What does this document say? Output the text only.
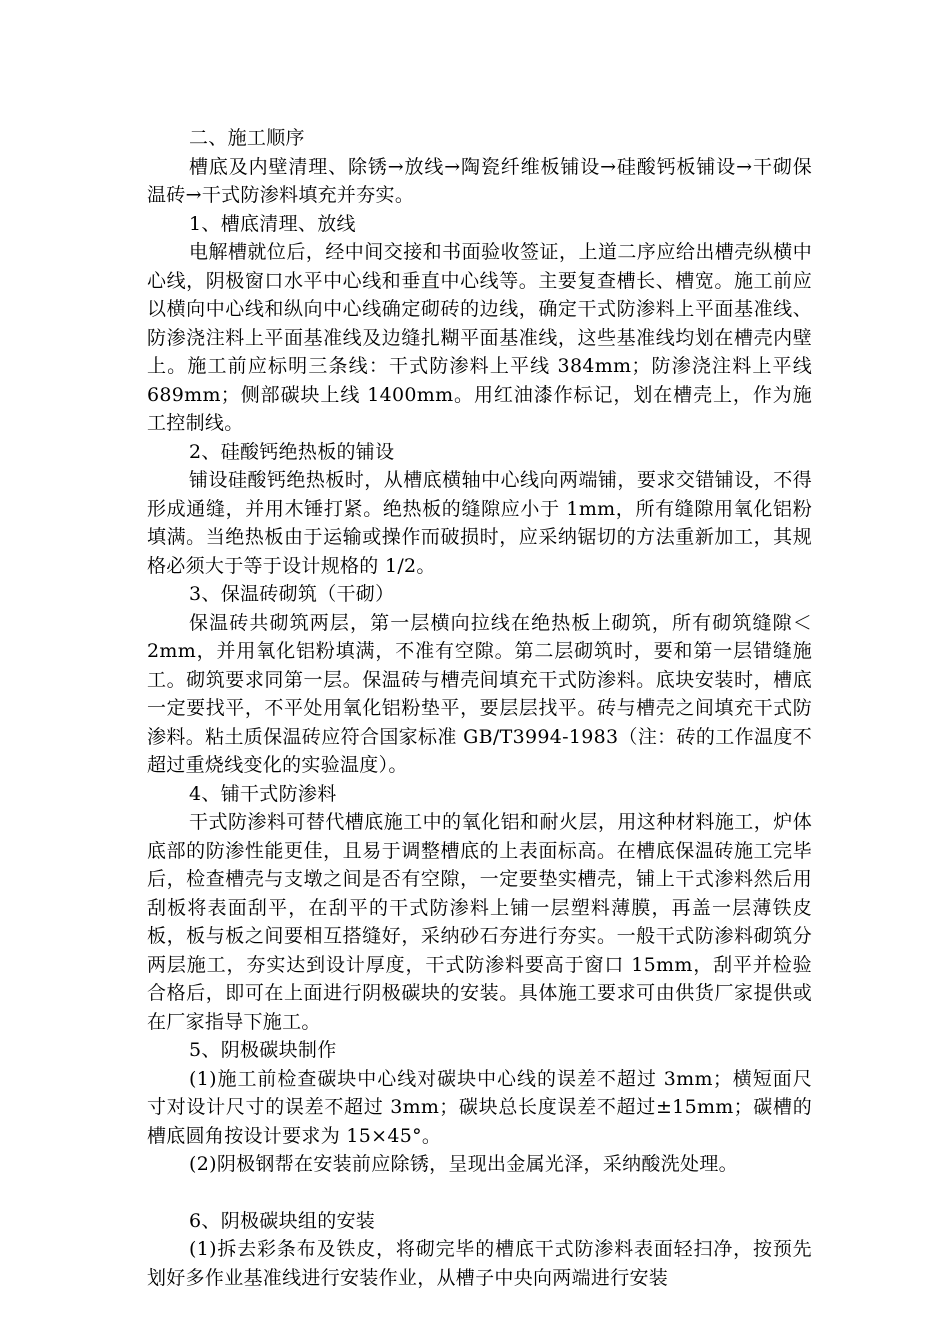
二、施工顺序

槽底及内壁清理、除锈→放线→陶瓷纤维板铺设→硅酸钙板铺设→干砌保温砖→干式防渗料填充并夯实。

1、槽底清理、放线

电解槽就位后，经中间交接和书面验收签证，上道二序应给出槽壳纵横中心线，阴极窗口水平中心线和垂直中心线等。主要复查槽长、槽宽。施工前应以横向中心线和纵向中心线确定砌砖的边线，确定干式防渗料上平面基准线、防渗浇注料上平面基准线及边缝扎糊平面基准线，这些基准线均划在槽壳内壁上。施工前应标明三条线：干式防渗料上平线 384mm；防渗浇注料上平线 689mm；侧部碳块上线 1400mm。用红油漆作标记，划在槽壳上，作为施工控制线。

2、硅酸钙绝热板的铺设

铺设硅酸钙绝热板时，从槽底横轴中心线向两端铺，要求交错铺设，不得形成通缝，并用木锤打紧。绝热板的缝隙应小于 1mm，所有缝隙用氧化铝粉填满。当绝热板由于运输或操作而破损时，应采纳锯切的方法重新加工，其规格必须大于等于设计规格的 1/2。

3、保温砖砌筑（干砌）

保温砖共砌筑两层，第一层横向拉线在绝热板上砌筑，所有砌筑缝隙＜2mm，并用氧化铝粉填满，不准有空隙。第二层砌筑时，要和第一层错缝施工。砌筑要求同第一层。保温砖与槽壳间填充干式防渗料。底块安装时，槽底一定要找平，不平处用氧化铝粉垫平，要层层找平。砖与槽壳之间填充干式防渗料。粘土质保温砖应符合国家标准 GB/T3994-1983（注：砖的工作温度不超过重烧线变化的实验温度）。

4、铺干式防渗料

干式防渗料可替代槽底施工中的氧化铝和耐火层，用这种材料施工，炉体底部的防渗性能更佳，且易于调整槽底的上表面标高。在槽底保温砖施工完毕后，检查槽壳与支墩之间是否有空隙，一定要垫实槽壳，铺上干式渗料然后用刮板将表面刮平，在刮平的干式防渗料上铺一层塑料薄膜，再盖一层薄铁皮板，板与板之间要相互搭缝好，采纳砂石夯进行夯实。一般干式防渗料砌筑分两层施工，夯实达到设计厚度，干式防渗料要高于窗口 15mm，刮平并检验合格后，即可在上面进行阴极碳块的安装。具体施工要求可由供货厂家提供或在厂家指导下施工。

5、阴极碳块制作

(1)施工前检查碳块中心线对碳块中心线的误差不超过 3mm；横短面尺寸对设计尺寸的误差不超过 3mm；碳块总长度误差不超过±15mm；碳槽的槽底圆角按设计要求为 15×45°。

(2)阴极钢帮在安装前应除锈，呈现出金属光泽，采纳酸洗处理。

6、阴极碳块组的安装

(1)拆去彩条布及铁皮，将砌完毕的槽底干式防渗料表面轻扫净，按预先划好多作业基准线进行安装作业，从槽子中央向两端进行安装
